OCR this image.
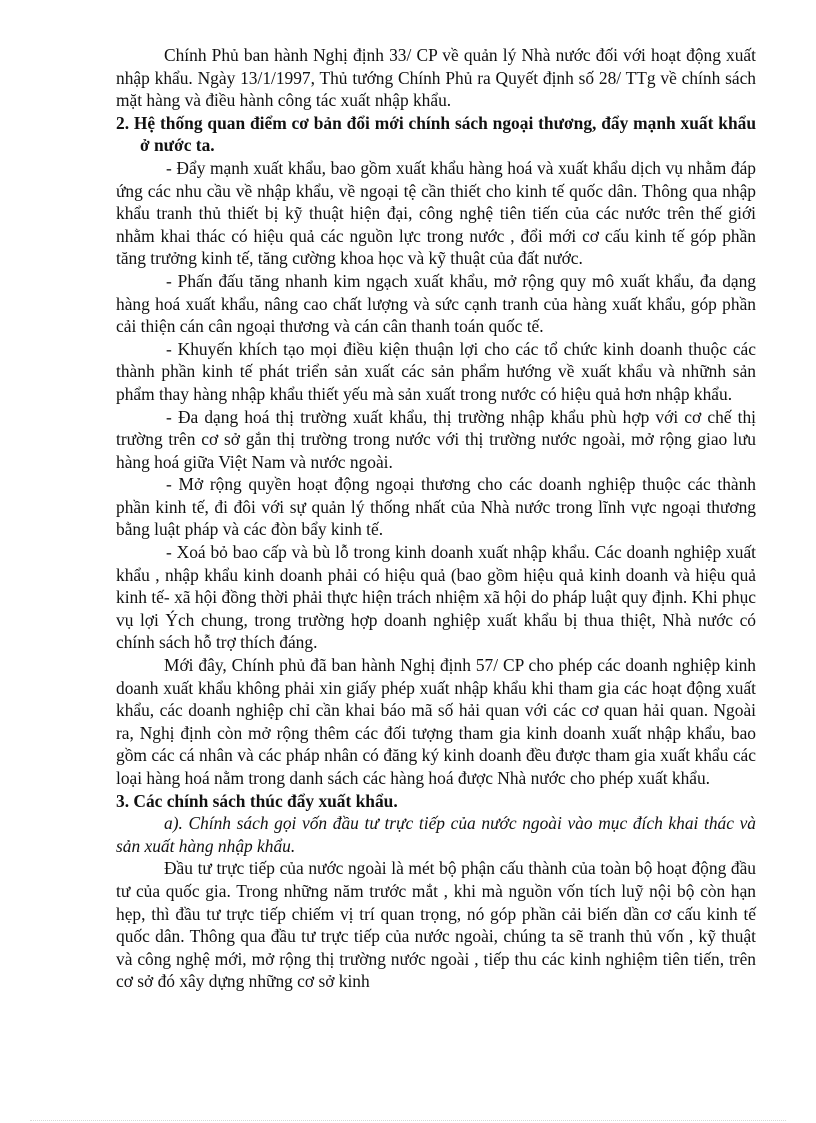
Chính Phủ ban hành Nghị định 33/ CP về quản lý Nhà nước đối với hoạt động xuất nhập khẩu. Ngày 13/1/1997, Thủ tướng Chính Phủ ra Quyết định số 28/ TTg về chính sách mặt hàng và điều hành công tác xuất nhập khẩu.

2. Hệ thống quan điểm cơ bản đổi mới chính sách ngoại thương, đẩy mạnh xuất khẩu ở nước ta.

- Đẩy mạnh xuất khẩu, bao gồm xuất khẩu hàng hoá và xuất khẩu dịch vụ nhằm đáp ứng các nhu cầu về nhập khẩu, về ngoại tệ cần thiết cho kinh tế quốc dân. Thông qua nhập khẩu tranh thủ thiết bị kỹ thuật hiện đại, công nghệ tiên tiến của các nước trên thế giới nhằm khai thác có hiệu quả các nguồn lực trong nước , đổi mới cơ cấu kinh tế góp phần tăng trưởng kinh tế, tăng cường khoa học và kỹ thuật của đất nước.

- Phấn đấu tăng nhanh kim ngạch xuất khẩu, mở rộng quy mô xuất khẩu, đa dạng hàng hoá xuất khẩu, nâng cao chất lượng và sức cạnh tranh của hàng xuất khẩu, góp phần cải thiện cán cân ngoại thương và cán cân thanh toán quốc tế.

- Khuyến khích tạo mọi điều kiện thuận lợi cho các tổ chức kinh doanh thuộc các thành phần kinh tế phát triển sản xuất các sản phẩm hướng về xuất khẩu và nhữnh sản phẩm thay hàng nhập khẩu thiết yếu mà sản xuất trong nước có hiệu quả hơn nhập khẩu.

- Đa dạng hoá thị trường xuất khẩu, thị trường nhập khẩu phù hợp với cơ chế thị trường trên cơ sở gắn thị trường trong nước với thị trường nước ngoài, mở rộng giao lưu hàng hoá giữa Việt Nam và nước ngoài.

- Mở rộng quyền hoạt động ngoại thương cho các doanh nghiệp thuộc các thành phần kinh tế, đi đôi với sự quản lý thống nhất của Nhà nước trong lĩnh vực ngoại thương bằng luật pháp và các đòn bẩy kinh tế.

- Xoá bỏ bao cấp và bù lỗ trong kinh doanh xuất nhập khẩu. Các doanh nghiệp xuất khẩu , nhập khẩu kinh doanh phải có hiệu quả (bao gồm hiệu quả kinh doanh và hiệu quả kinh tế- xã hội đồng thời phải thực hiện trách nhiệm xã hội do pháp luật quy định. Khi phục vụ lợi Ých chung, trong trường hợp doanh nghiệp xuất khẩu bị thua thiệt, Nhà nước có chính sách hỗ trợ thích đáng.

Mới đây, Chính phủ đã ban hành Nghị định 57/ CP cho phép các doanh nghiệp kinh doanh xuất khẩu không phải xin giấy phép xuất nhập khẩu khi tham gia các hoạt động xuất khẩu, các doanh nghiệp chỉ cần khai báo mã số hải quan với các cơ quan hải quan. Ngoài ra, Nghị định còn mở rộng thêm các đối tượng tham gia kinh doanh xuất nhập khẩu, bao gồm các cá nhân và các pháp nhân có đăng ký kinh doanh đều được tham gia xuất khẩu các loại hàng hoá nằm trong danh sách các hàng hoá được Nhà nước cho phép xuất khẩu.

3. Các chính sách thúc đẩy xuất khẩu.

a). Chính sách gọi vốn đầu tư trực tiếp của nước ngoài vào mục đích khai thác và sản xuất hàng nhập khẩu.

Đầu tư trực tiếp của nước ngoài là mét bộ phận cấu thành của toàn bộ hoạt động đầu tư của quốc gia. Trong những năm trước mắt , khi mà nguồn vốn tích luỹ nội bộ còn hạn hẹp, thì đầu tư trực tiếp chiếm vị trí quan trọng, nó góp phần cải biến dần cơ cấu kinh tế quốc dân. Thông qua đầu tư trực tiếp của nước ngoài, chúng ta sẽ tranh thủ vốn , kỹ thuật và công nghệ mới, mở rộng thị trường nước ngoài , tiếp thu các kinh nghiệm tiên tiến, trên cơ sở đó xây dựng những cơ sở kinh
